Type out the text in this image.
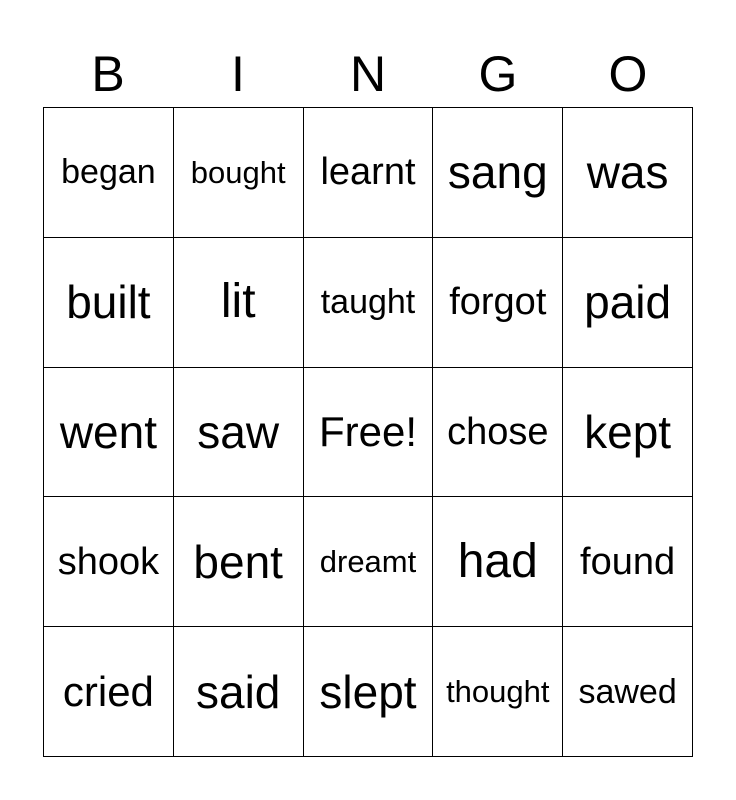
B	I	N	G	O
began	bought learnt sang was
built	lit	taught forgot paid
went saw Free! chose kept
shook bent	dreamt had	found
cried said slept thought sawed
